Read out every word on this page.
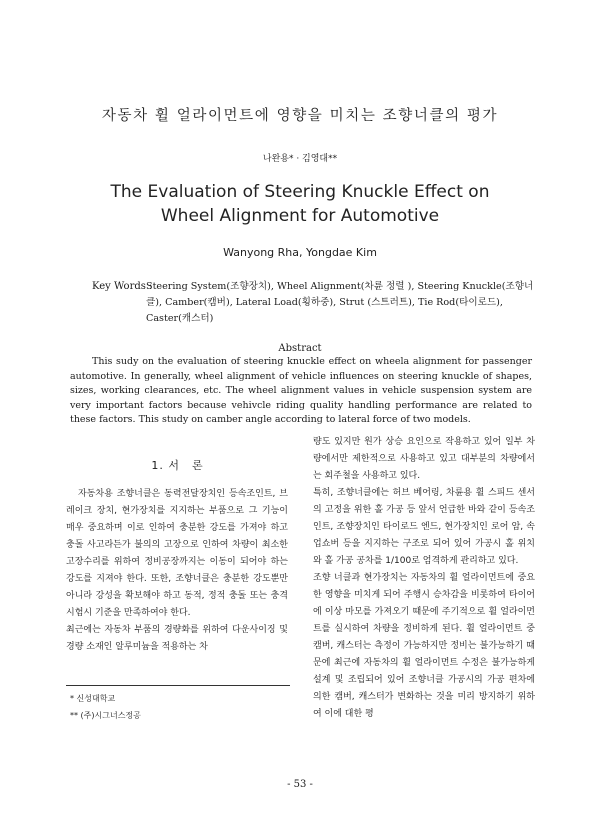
자동차 휠 얼라이먼트에 영향을 미치는 조향너클의 평가
나완용* · 김영대**
The Evaluation of Steering Knuckle Effect on Wheel Alignment for Automotive
Wanyong Rha, Yongdae Kim
Key Words :
Steering System(조향장치), Wheel Alignment(차륜 정렬 ), Steering Knuckle(조향너클), Camber(캠버), Lateral Load(횡하중), Strut (스트러트), Tie Rod(타이로드), Caster(캐스터)
Abstract
This sudy on the evaluation of steering knuckle effect on wheela alignment for passenger automotive. In generally, wheel alignment of vehicle influences on steering knuckle of shapes, sizes, working clearances, etc. The wheel alignment values in vehicle suspension system are very important factors because vehivcle riding quality handling performance are related to these factors. This study on camber angle according to lateral force of two models.
1. 서　론

자동차용 조향너클은 동력전달장치인 등속조인트, 브레이크 장치, 현가장치를 지지하는 부품으로 그 기능이 매우 중요하며 이로 인하여 충분한 강도를 가져야 하고 충돌 사고라든가 불의의 고장으로 인하여 차량이 최소한 고장수리를 위하여 정비공장까지는 이동이 되어야 하는 강도를 지져야 한다. 또한, 조향너클은 충분한 강도뿐만 아니라 강성을 확보해야 하고 동적, 정적 충돌 또는 충격 시험시 기준을 만족하여야 한다.

최근에는 자동차 부품의 경량화를 위하여 다운사이징 및 경량 소재인 알루미늄을 적용하는 차

량도 있지만 원가 상승 요인으로 작용하고 있어 일부 차량에서만 제한적으로 사용하고 있고 대부분의 차량에서는 회주철을 사용하고 있다.

특히, 조향너클에는 허브 베어링, 차륜용 휠 스피드 센서의 고정을 위한 홀 가공 등 앞서 언급한 바와 같이 등속조인트, 조향장치인 타이로드 엔드, 현가장치인 로어 암, 속업쇼버 등을 지지하는 구조로 되어 있어 가공시 홀 위치와 홀 가공 공차를 1/100로 엄격하게 관리하고 있다.

조향 너클과 현가장치는 자동차의 휠 얼라이먼트에 중요한 영향을 미치게 되어 주행시 승차감을 비롯하여 타이어에 이상 마모를 가져오기 때문에 주기적으로 휠 얼라이먼트를 실시하여 차량을 정비하게 된다. 휠 얼라이먼트 중 캠버, 캐스터는 측정이 가능하지만 정비는 불가능하기 때문에 최근에 자동차의 휠 얼라이먼트 수정은 불가능하게 설계 및 조립되어 있어 조향너클 가공시의 가공 편차에 의한 캠버, 캐스터가 변화하는 것을 미리 방지하기 위하여 이에 대한 평

* 신성대학교
** (주)시그너스정공
- 53 -
